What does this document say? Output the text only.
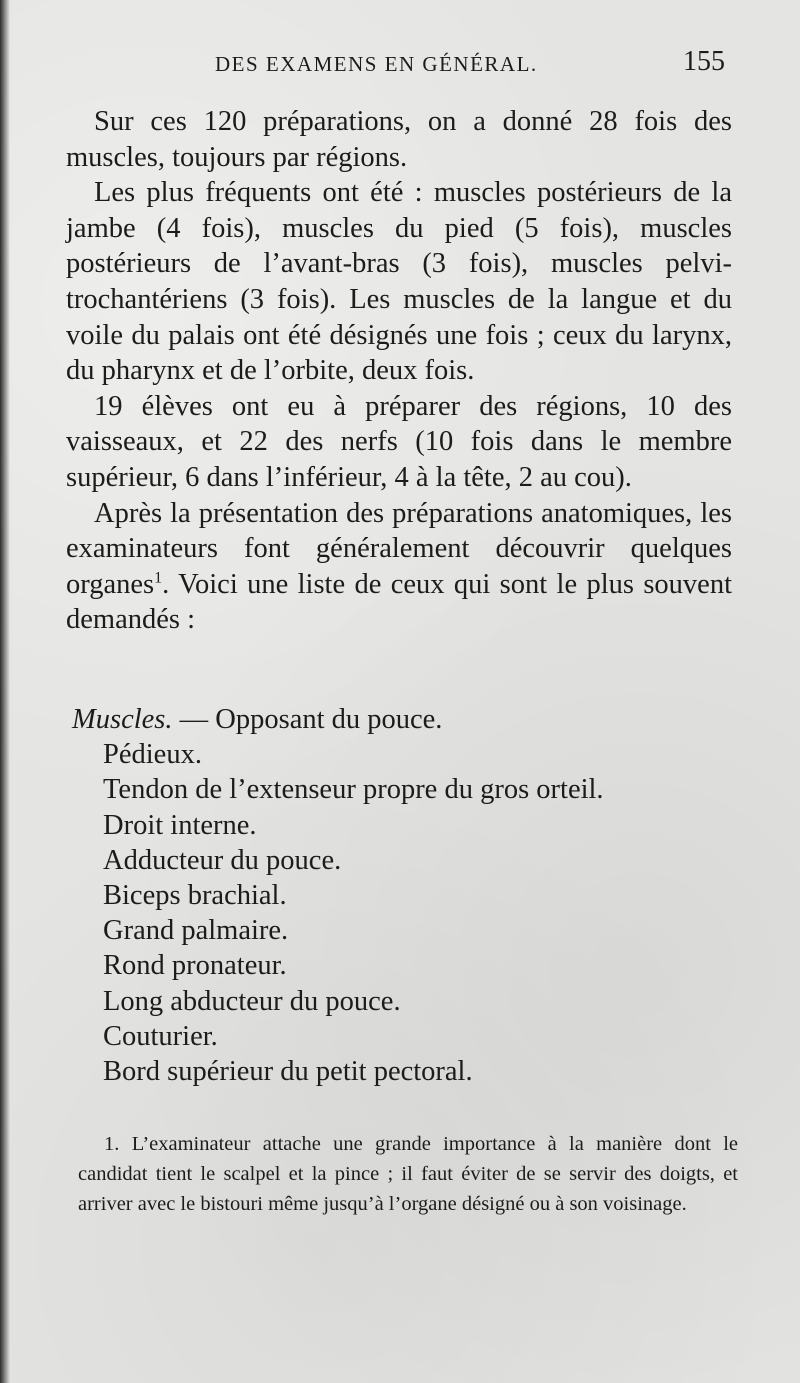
DES EXAMENS EN GÉNÉRAL.	155

Sur ces 120 préparations, on a donné 28 fois des muscles, toujours par régions.

Les plus fréquents ont été : muscles postérieurs de la jambe (4 fois), muscles du pied (5 fois), muscles postérieurs de l’avant-bras (3 fois), muscles pelvi-trochantériens (3 fois). Les muscles de la langue et du voile du palais ont été désignés une fois ; ceux du larynx, du pharynx et de l’orbite, deux fois.

19 élèves ont eu à préparer des régions, 10 des vaisseaux, et 22 des nerfs (10 fois dans le membre supérieur, 6 dans l’inférieur, 4 à la tête, 2 au cou).

Après la présentation des préparations anatomiques, les examinateurs font généralement découvrir quelques organes$^1$. Voici une liste de ceux qui sont le plus souvent demandés :

Muscles. — Opposant du pouce.
Pédieux.
Tendon de l’extenseur propre du gros orteil.
Droit interne.
Adducteur du pouce.
Biceps brachial.
Grand palmaire.
Rond pronateur.
Long abducteur du pouce.
Couturier.
Bord supérieur du petit pectoral.

1. L’examinateur attache une grande importance à la manière dont le candidat tient le scalpel et la pince ; il faut éviter de se servir des doigts, et arriver avec le bistouri même jusqu’à l’organe désigné ou à son voisinage.
